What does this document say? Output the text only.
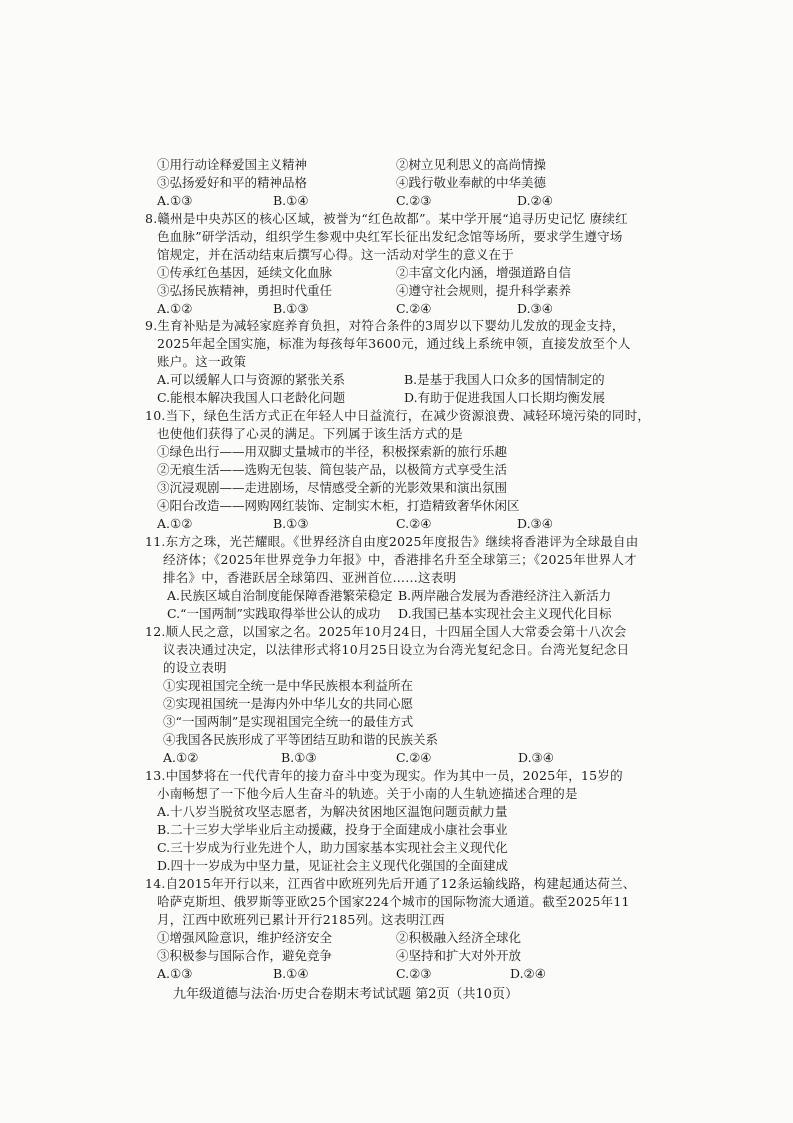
①用行动诠释爱国主义精神	②树立见利思义的高尚情操
③弘扬爱好和平的精神品格	④践行敬业奉献的中华美德
A.①③	B.①④	C.②③	D.②④
8.赣州是中央苏区的核心区域，被誉为“红色故都”。某中学开展“追寻历史记忆 赓续红
色血脉”研学活动，组织学生参观中央红军长征出发纪念馆等场所，要求学生遵守场
馆规定，并在活动结束后撰写心得。这一活动对学生的意义在于
①传承红色基因，延续文化血脉	②丰富文化内涵，增强道路自信
③弘扬民族精神，勇担时代重任	④遵守社会规则，提升科学素养
A.①②	B.①③	C.②④	D.③④
9.生育补贴是为减轻家庭养育负担，对符合条件的3周岁以下婴幼儿发放的现金支持，
2025年起全国实施，标准为每孩每年3600元，通过线上系统申领，直接发放至个人
账户。这一政策
A.可以缓解人口与资源的紧张关系	B.是基于我国人口众多的国情制定的
C.能根本解决我国人口老龄化问题	D.有助于促进我国人口长期均衡发展
10.当下，绿色生活方式正在年轻人中日益流行，在减少资源浪费、减轻环境污染的同时，
也使他们获得了心灵的满足。下列属于该生活方式的是
①绿色出行——用双脚丈量城市的半径，积极探索新的旅行乐趣
②无痕生活——选购无包装、简包装产品，以极简方式享受生活
③沉浸观剧——走进剧场，尽情感受全新的光影效果和演出氛围
④阳台改造——网购网红装饰、定制实木柜，打造精致奢华休闲区
A.①②	B.①③	C.②④	D.③④
11.东方之珠，光芒耀眼。《世界经济自由度2025年度报告》继续将香港评为全球最自由
经济体；《2025年世界竞争力年报》中，香港排名升至全球第三；《2025年世界人才
排名》中，香港跃居全球第四、亚洲首位……这表明
A.民族区域自治制度能保障香港繁荣稳定 B.两岸融合发展为香港经济注入新活力
C.“一国两制”实践取得举世公认的成功 D.我国已基本实现社会主义现代化目标
12.顺人民之意，以国家之名。2025年10月24日，十四届全国人大常委会第十八次会
议表决通过决定，以法律形式将10月25日设立为台湾光复纪念日。台湾光复纪念日
的设立表明
①实现祖国完全统一是中华民族根本利益所在
②实现祖国统一是海内外中华儿女的共同心愿
③“一国两制”是实现祖国完全统一的最佳方式
④我国各民族形成了平等团结互助和谐的民族关系
A.①②	B.①③	C.②④	D.③④
13.中国梦将在一代代青年的接力奋斗中变为现实。作为其中一员，2025年，15岁的
小南畅想了一下他今后人生奋斗的轨迹。关于小南的人生轨迹描述合理的是
A.十八岁当脱贫攻坚志愿者，为解决贫困地区温饱问题贡献力量
B.二十三岁大学毕业后主动援藏，投身于全面建成小康社会事业
C.三十岁成为行业先进个人，助力国家基本实现社会主义现代化
D.四十一岁成为中坚力量，见证社会主义现代化强国的全面建成
14.自2015年开行以来，江西省中欧班列先后开通了12条运输线路，构建起通达荷兰、
哈萨克斯坦、俄罗斯等亚欧25个国家224个城市的国际物流大通道。截至2025年11
月，江西中欧班列已累计开行2185列。这表明江西
①增强风险意识，维护经济安全	②积极融入经济全球化
③积极参与国际合作，避免竞争	④坚持和扩大对外开放
A.①③	B.①④	C.②③	D.②④
九年级道德与法治·历史合卷期末考试试题 第2页（共10页）
